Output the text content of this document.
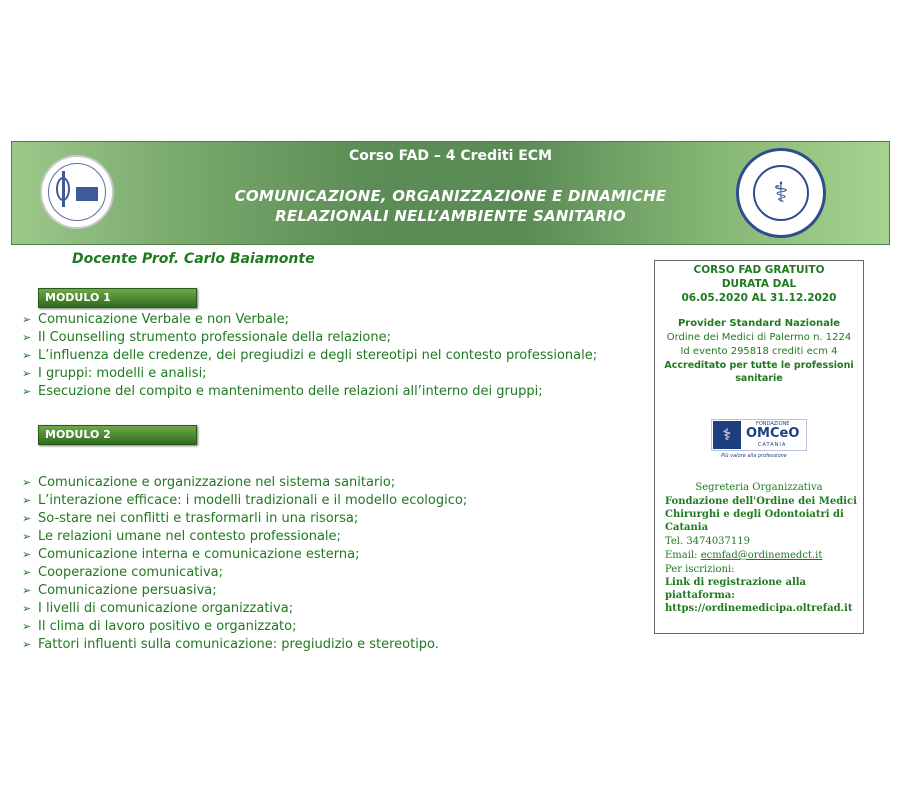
Corso FAD – 4 Crediti ECM
COMUNICAZIONE, ORGANIZZAZIONE E DINAMICHE
RELAZIONALI NELL’AMBIENTE SANITARIO
⚕
Docente Prof. Carlo Baiamonte
MODULO 1
➢ Comunicazione Verbale e non Verbale;
➢ Il Counselling strumento professionale della relazione;
➢ L’influenza delle credenze, dei pregiudizi e degli stereotipi nel contesto professionale;
➢ I gruppi: modelli e analisi;
➢ Esecuzione del compito e mantenimento delle relazioni all’interno dei gruppi;
MODULO 2
➢ Comunicazione e organizzazione nel sistema sanitario;
➢ L’interazione efficace: i modelli tradizionali e il modello ecologico;
➢ So-stare nei conflitti e trasformarli in una risorsa;
➢ Le relazioni umane nel contesto professionale;
➢ Comunicazione interna e comunicazione esterna;
➢ Cooperazione comunicativa;
➢ Comunicazione persuasiva;
➢ I livelli di comunicazione organizzativa;
➢ Il clima di lavoro positivo e organizzato;
➢ Fattori influenti sulla comunicazione: pregiudizio e stereotipo.
CORSO FAD GRATUITO
DURATA DAL
06.05.2020 AL 31.12.2020
Provider Standard Nazionale
Ordine dei Medici di Palermo n. 1224
Id evento 295818 crediti ecm 4
Accreditato per tutte le professioni
sanitarie
⚕
FONDAZIONE
OMCeO
CATANIA
Più valore alla professione
Segreteria Organizzativa
Fondazione dell'Ordine dei Medici
Chirurghi e degli Odontoiatri di
Catania
Tel. 3474037119
Email: ecmfad@ordinemedct.it
Per iscrizioni:
Link di registrazione alla
piattaforma:
https://ordinemedicipa.oltrefad.it
